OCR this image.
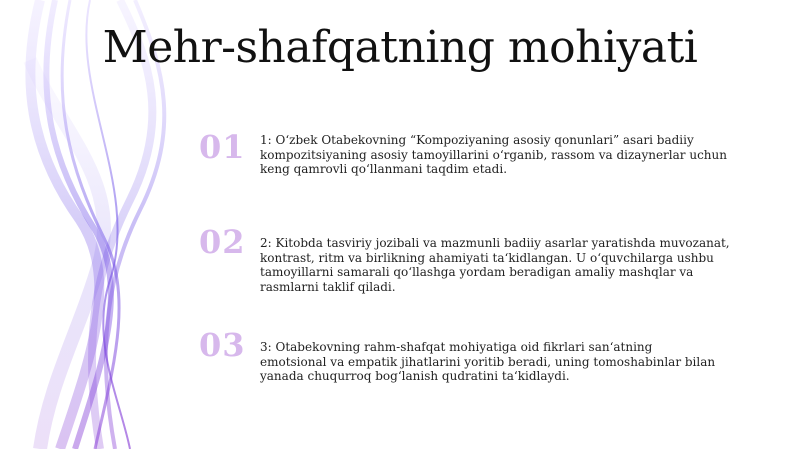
Mehr-shafqatning mohiyati
01 1: O‘zbek Otabekovning “Kompoziyaning asosiy qonunlari” asari badiiy kompozitsiyaning asosiy tamoyillarini o‘rganib, rassom va dizaynerlar uchun keng qamrovli qo‘llanmani taqdim etadi.
02 2: Kitobda tasviriy jozibali va mazmunli badiiy asarlar yaratishda muvozanat, kontrast, ritm va birlikning ahamiyati ta‘kidlangan. U o‘quvchilarga ushbu tamoyillarni samarali qo‘llashga yordam beradigan amaliy mashqlar va rasmlarni taklif qiladi.
03 3: Otabekovning rahm-shafqat mohiyatiga oid fikrlari san‘atning emotsional va empatik jihatlarini yoritib beradi, uning tomoshabinlar bilan yanada chuqurroq bog‘lanish qudratini ta‘kidlaydi.
